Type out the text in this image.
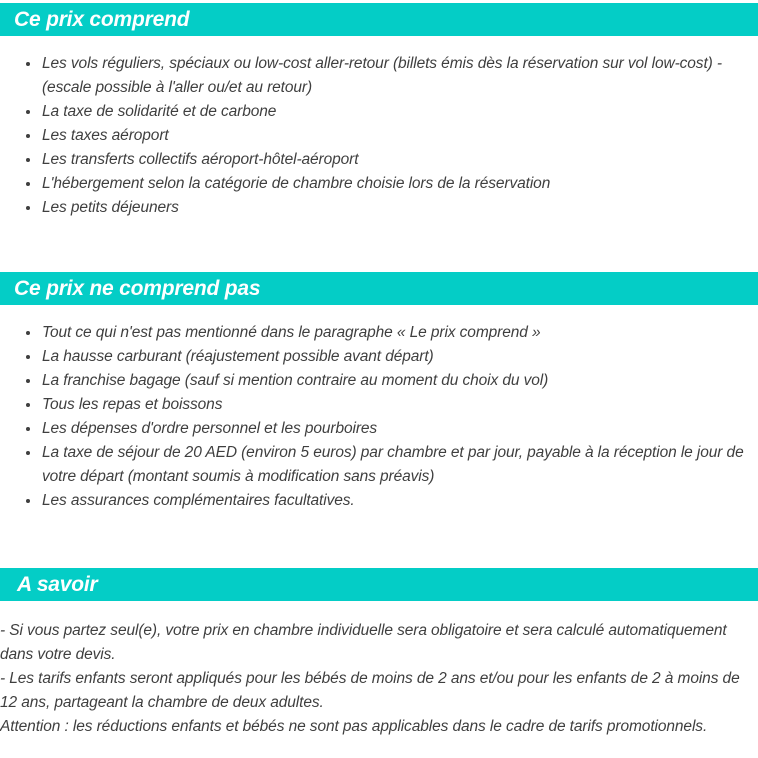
Ce prix comprend
• Les vols réguliers, spéciaux ou low-cost aller-retour (billets émis dès la réservation sur vol low-cost) - (escale possible à l'aller ou/et au retour)
• La taxe de solidarité et de carbone
• Les taxes aéroport
• Les transferts collectifs aéroport-hôtel-aéroport
• L'hébergement selon la catégorie de chambre choisie lors de la réservation
• Les petits déjeuners
Ce prix ne comprend pas
• Tout ce qui n'est pas mentionné dans le paragraphe « Le prix comprend »
• La hausse carburant (réajustement possible avant départ)
• La franchise bagage (sauf si mention contraire au moment du choix du vol)
• Tous les repas et boissons
• Les dépenses d'ordre personnel et les pourboires
• La taxe de séjour de 20 AED (environ 5 euros) par chambre et par jour, payable à la réception le jour de votre départ (montant soumis à modification sans préavis)
• Les assurances complémentaires facultatives.
A savoir

- Si vous partez seul(e), votre prix en chambre individuelle sera obligatoire et sera calculé automatiquement dans votre devis.

- Les tarifs enfants seront appliqués pour les bébés de moins de 2 ans et/ou pour les enfants de 2 à moins de 12 ans, partageant la chambre de deux adultes.

Attention : les réductions enfants et bébés ne sont pas applicables dans le cadre de tarifs promotionnels.
